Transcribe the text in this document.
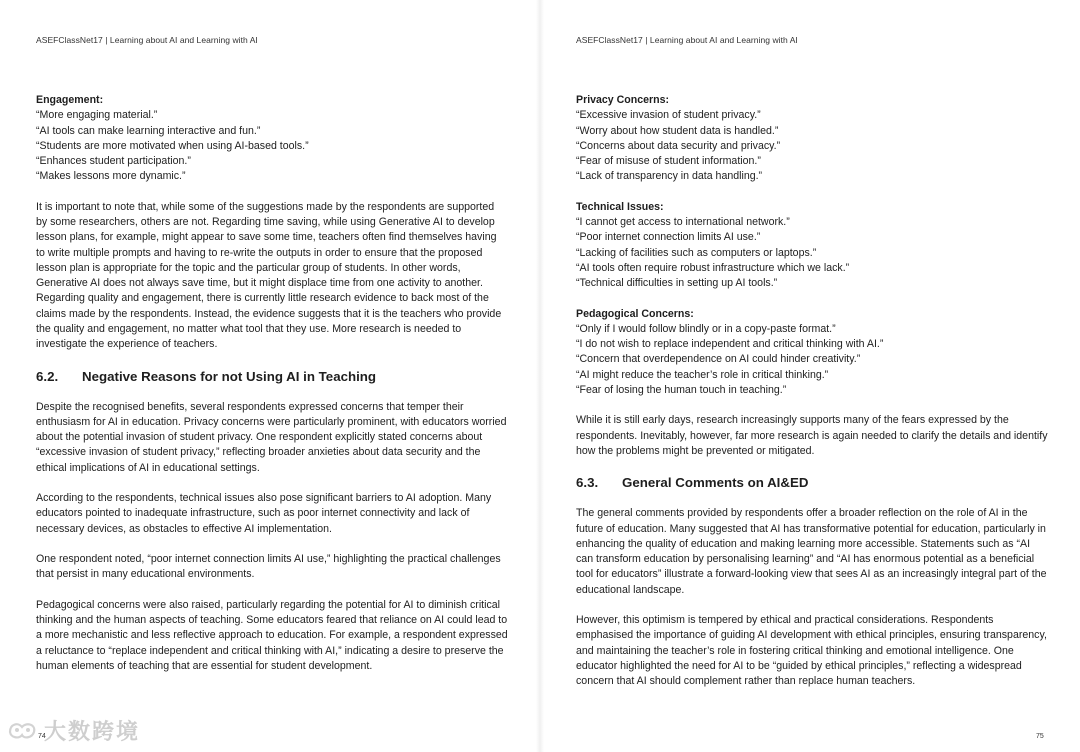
ASEFClassNet17 | Learning about AI and Learning with AI
Engagement:
“More engaging material.”
“AI tools can make learning interactive and fun.”
“Students are more motivated when using AI-based tools.”
“Enhances student participation.”
“Makes lessons more dynamic.”

It is important to note that, while some of the suggestions made by the respondents are supported by some researchers, others are not. Regarding time saving, while using Generative AI to develop lesson plans, for example, might appear to save some time, teachers often find themselves having to write multiple prompts and having to re-write the outputs in order to ensure that the proposed lesson plan is appropriate for the topic and the particular group of students. In other words, Generative AI does not always save time, but it might displace time from one activity to another. Regarding quality and engagement, there is currently little research evidence to back most of the claims made by the respondents. Instead, the evidence suggests that it is the teachers who provide the quality and engagement, no matter what tool that they use. More research is needed to investigate the experience of teachers.

6.2. Negative Reasons for not Using AI in Teaching

Despite the recognised benefits, several respondents expressed concerns that temper their enthusiasm for AI in education. Privacy concerns were particularly prominent, with educators worried about the potential invasion of student privacy. One respondent explicitly stated concerns about “excessive invasion of student privacy,” reflecting broader anxieties about data security and the ethical implications of AI in educational settings.

According to the respondents, technical issues also pose significant barriers to AI adoption. Many educators pointed to inadequate infrastructure, such as poor internet connectivity and lack of necessary devices, as obstacles to effective AI implementation.

One respondent noted, “poor internet connection limits AI use,” highlighting the practical challenges that persist in many educational environments.

Pedagogical concerns were also raised, particularly regarding the potential for AI to diminish critical thinking and the human aspects of teaching. Some educators feared that reliance on AI could lead to a more mechanistic and less reflective approach to education. For example, a respondent expressed a reluctance to “replace independent and critical thinking with AI,” indicating a desire to preserve the human elements of teaching that are essential for student development.

74
ASEFClassNet17 | Learning about AI and Learning with AI
Privacy Concerns:
“Excessive invasion of student privacy.”
“Worry about how student data is handled.”
“Concerns about data security and privacy.”
“Fear of misuse of student information.”
“Lack of transparency in data handling.”
Technical Issues:
“I cannot get access to international network.”
“Poor internet connection limits AI use.”
“Lacking of facilities such as computers or laptops.”
“AI tools often require robust infrastructure which we lack.”
“Technical difficulties in setting up AI tools.”
Pedagogical Concerns:
“Only if I would follow blindly or in a copy-paste format.”
“I do not wish to replace independent and critical thinking with AI.”
“Concern that overdependence on AI could hinder creativity.”
“AI might reduce the teacher’s role in critical thinking.”
“Fear of losing the human touch in teaching.”

While it is still early days, research increasingly supports many of the fears expressed by the respondents. Inevitably, however, far more research is again needed to clarify the details and identify how the problems might be prevented or mitigated.

6.3. General Comments on AI&ED

The general comments provided by respondents offer a broader reflection on the role of AI in the future of education. Many suggested that AI has transformative potential for education, particularly in enhancing the quality of education and making learning more accessible. Statements such as “AI can transform education by personalising learning” and “AI has enormous potential as a beneficial tool for educators” illustrate a forward-looking view that sees AI as an increasingly integral part of the educational landscape.

However, this optimism is tempered by ethical and practical considerations. Respondents emphasised the importance of guiding AI development with ethical principles, ensuring transparency, and maintaining the teacher’s role in fostering critical thinking and emotional intelligence. One educator highlighted the need for AI to be “guided by ethical principles,” reflecting a widespread concern that AI should complement rather than replace human teachers.

75
大数跨境
